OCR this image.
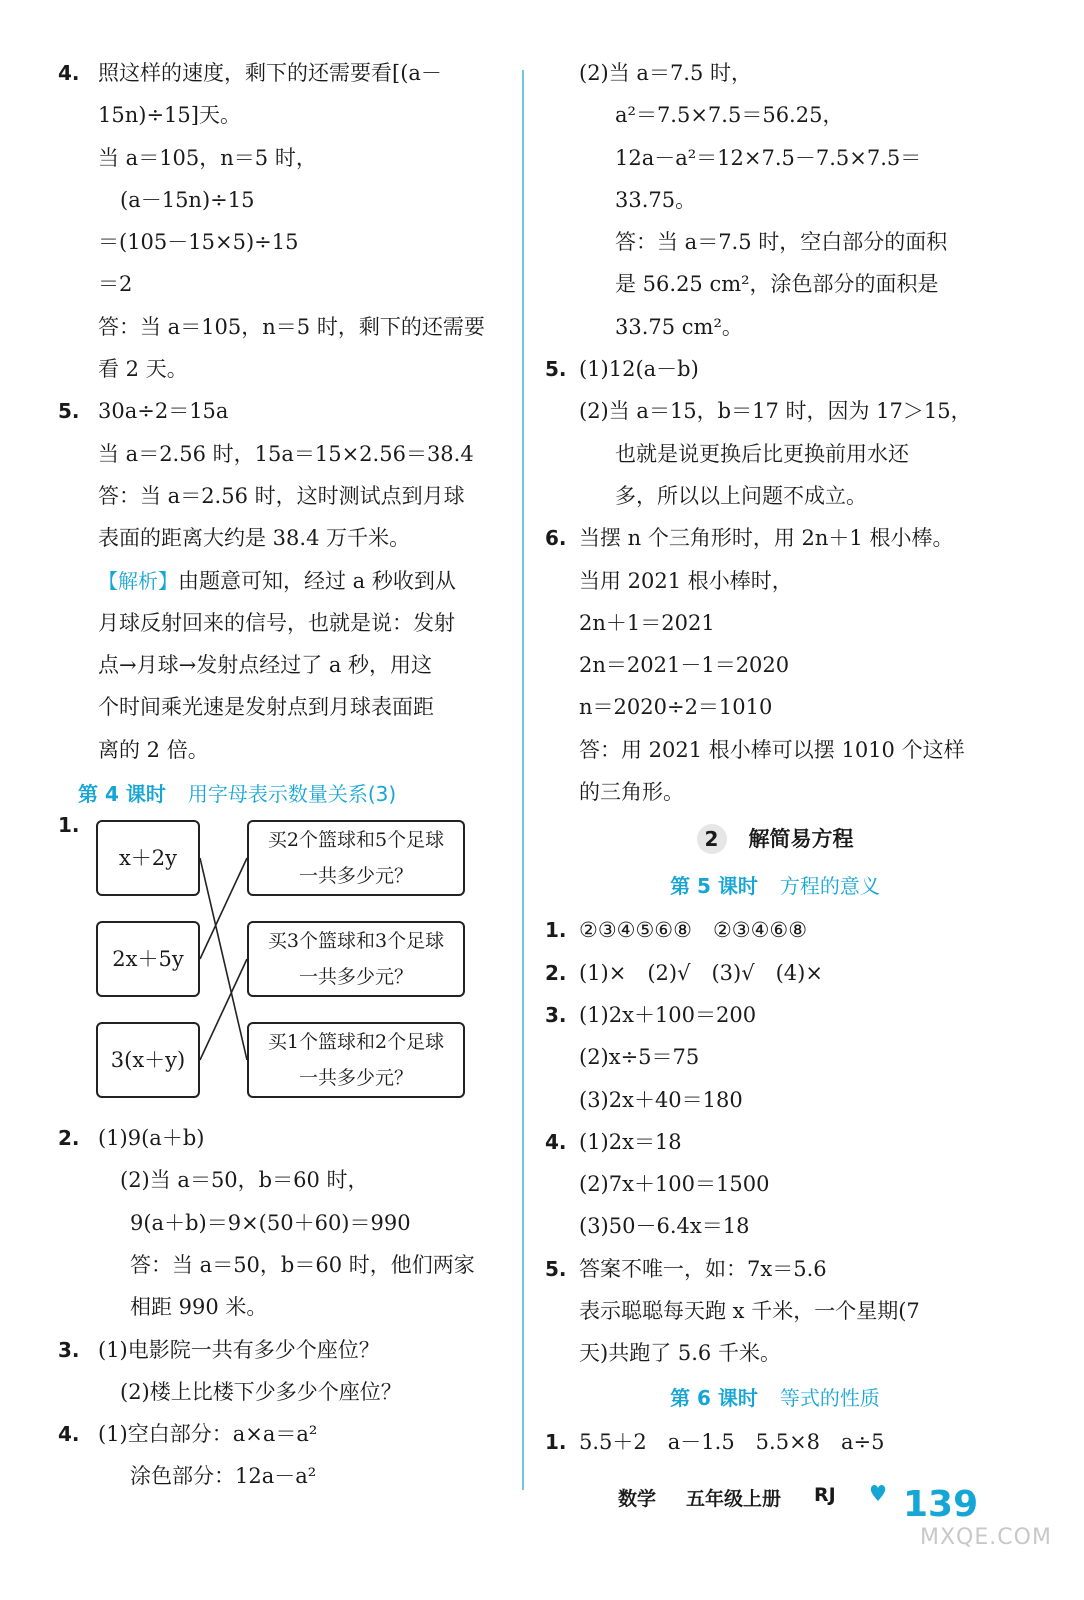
4. 照这样的速度，剩下的还需要看[(a－
15n)÷15]天。
当 a＝105，n＝5 时，
(a－15n)÷15
＝(105－15×5)÷15
＝2
答：当 a＝105，n＝5 时，剩下的还需要
看 2 天。
5. 30a÷2＝15a
当 a＝2.56 时，15a＝15×2.56＝38.4
答：当 a＝2.56 时，这时测试点到月球
表面的距离大约是 38.4 万千米。
【解析】由题意可知，经过 a 秒收到从
月球反射回来的信号，也就是说：发射
点→月球→发射点经过了 a 秒，用这
个时间乘光速是发射点到月球表面距
离的 2 倍。
第 4 课时 用字母表示数量关系(3)
1.
x＋2y
2x＋5y
3(x＋y)
买2个篮球和5个足球
一共多少元？
买3个篮球和3个足球
一共多少元？
买1个篮球和2个足球
一共多少元？
2. (1)9(a＋b)
(2)当 a＝50，b＝60 时，
9(a＋b)＝9×(50＋60)＝990
答：当 a＝50，b＝60 时，他们两家
相距 990 米。
3. (1)电影院一共有多少个座位？
(2)楼上比楼下少多少个座位？
4. (1)空白部分：a×a＝a²
涂色部分：12a－a²
(2)当 a＝7.5 时，
a²＝7.5×7.5＝56.25，
12a－a²＝12×7.5－7.5×7.5＝
33.75。
答：当 a＝7.5 时，空白部分的面积
是 56.25 cm²，涂色部分的面积是
33.75 cm²。
5. (1)12(a－b)
(2)当 a＝15，b＝17 时，因为 17＞15，
也就是说更换后比更换前用水还
多，所以以上问题不成立。
6. 当摆 n 个三角形时，用 2n＋1 根小棒。
当用 2021 根小棒时，
2n＋1＝2021
2n＝2021－1＝2020
n＝2020÷2＝1010
答：用 2021 根小棒可以摆 1010 个这样
的三角形。
2 解简易方程
第 5 课时 方程的意义
1. ②③④⑤⑥⑧　②③④⑥⑧
2. (1)×　(2)√　(3)√　(4)×
3. (1)2x＋100＝200
(2)x÷5＝75
(3)2x＋40＝180
4. (1)2x＝18
(2)7x＋100＝1500
(3)50－6.4x＝18
5. 答案不唯一，如：7x＝5.6
表示聪聪每天跑 x 千米，一个星期(7
天)共跑了 5.6 千米。
第 6 课时 等式的性质
1. 5.5＋2　a－1.5　5.5×8　a÷5
数学 五年级上册 RJ 139
MXQE.COM
